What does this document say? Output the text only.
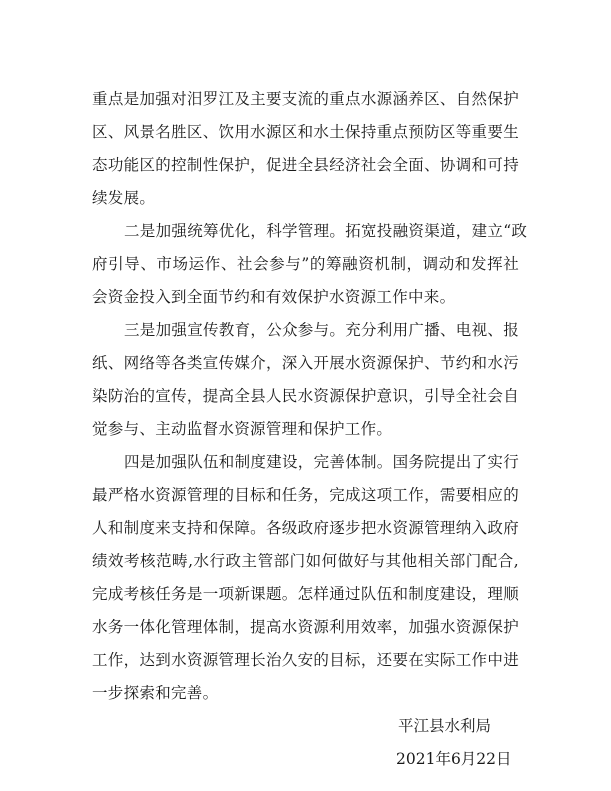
重点是加强对汨罗江及主要支流的重点水源涵养区、自然保护
区、风景名胜区、饮用水源区和水土保持重点预防区等重要生
态功能区的控制性保护，促进全县经济社会全面、协调和可持
续发展。
二是加强统筹优化，科学管理。拓宽投融资渠道，建立“政
府引导、市场运作、社会参与”的筹融资机制，调动和发挥社
会资金投入到全面节约和有效保护水资源工作中来。
三是加强宣传教育，公众参与。充分利用广播、电视、报
纸、网络等各类宣传媒介，深入开展水资源保护、节约和水污
染防治的宣传，提高全县人民水资源保护意识，引导全社会自
觉参与、主动监督水资源管理和保护工作。
四是加强队伍和制度建设，完善体制。国务院提出了实行
最严格水资源管理的目标和任务，完成这项工作，需要相应的
人和制度来支持和保障。各级政府逐步把水资源管理纳入政府
绩效考核范畴,水行政主管部门如何做好与其他相关部门配合,
完成考核任务是一项新课题。怎样通过队伍和制度建设，理顺
水务一体化管理体制，提高水资源利用效率，加强水资源保护
工作，达到水资源管理长治久安的目标，还要在实际工作中进
一步探索和完善。
平江县水利局
2021年6月22日
